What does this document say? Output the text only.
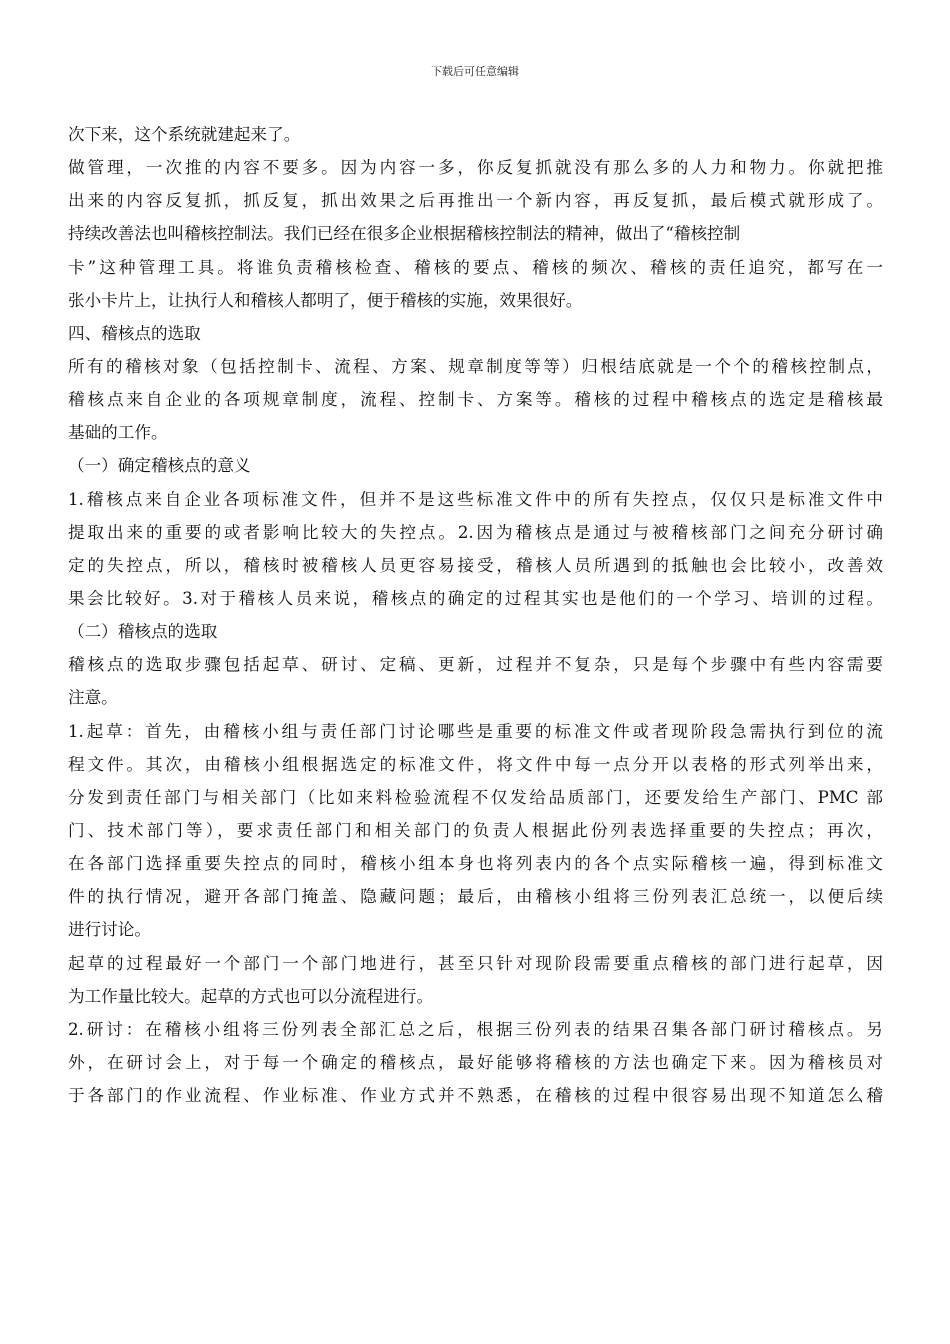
下载后可任意编辑
次下来，这个系统就建起来了。
做管理，一次推的内容不要多。因为内容一多，你反复抓就没有那么多的人力和物力。你就把推
出来的内容反复抓，抓反复，抓出效果之后再推出一个新内容，再反复抓，最后模式就形成了。
持续改善法也叫稽核控制法。我们已经在很多企业根据稽核控制法的精神，做出了“稽核控制
卡”这种管理工具。将谁负责稽核检查、稽核的要点、稽核的频次、稽核的责任追究，都写在一
张小卡片上，让执行人和稽核人都明了，便于稽核的实施，效果很好。
四、稽核点的选取
所有的稽核对象（包括控制卡、流程、方案、规章制度等等）归根结底就是一个个的稽核控制点，
稽核点来自企业的各项规章制度，流程、控制卡、方案等。稽核的过程中稽核点的选定是稽核最
基础的工作。
（一）确定稽核点的意义
1.稽核点来自企业各项标准文件，但并不是这些标准文件中的所有失控点，仅仅只是标准文件中
提取出来的重要的或者影响比较大的失控点。2.因为稽核点是通过与被稽核部门之间充分研讨确
定的失控点，所以，稽核时被稽核人员更容易接受，稽核人员所遇到的抵触也会比较小，改善效
果会比较好。3.对于稽核人员来说，稽核点的确定的过程其实也是他们的一个学习、培训的过程。
（二）稽核点的选取
稽核点的选取步骤包括起草、研讨、定稿、更新，过程并不复杂，只是每个步骤中有些内容需要
注意。
1.起草：首先，由稽核小组与责任部门讨论哪些是重要的标准文件或者现阶段急需执行到位的流
程文件。其次，由稽核小组根据选定的标准文件，将文件中每一点分开以表格的形式列举出来，
分发到责任部门与相关部门（比如来料检验流程不仅发给品质部门，还要发给生产部门、PMC 部
门、技术部门等），要求责任部门和相关部门的负责人根据此份列表选择重要的失控点；再次，
在各部门选择重要失控点的同时，稽核小组本身也将列表内的各个点实际稽核一遍，得到标准文
件的执行情况，避开各部门掩盖、隐藏问题；最后，由稽核小组将三份列表汇总统一，以便后续
进行讨论。
起草的过程最好一个部门一个部门地进行，甚至只针对现阶段需要重点稽核的部门进行起草，因
为工作量比较大。起草的方式也可以分流程进行。
2.研讨：在稽核小组将三份列表全部汇总之后，根据三份列表的结果召集各部门研讨稽核点。另
外，在研讨会上，对于每一个确定的稽核点，最好能够将稽核的方法也确定下来。因为稽核员对
于各部门的作业流程、作业标准、作业方式并不熟悉，在稽核的过程中很容易出现不知道怎么稽
